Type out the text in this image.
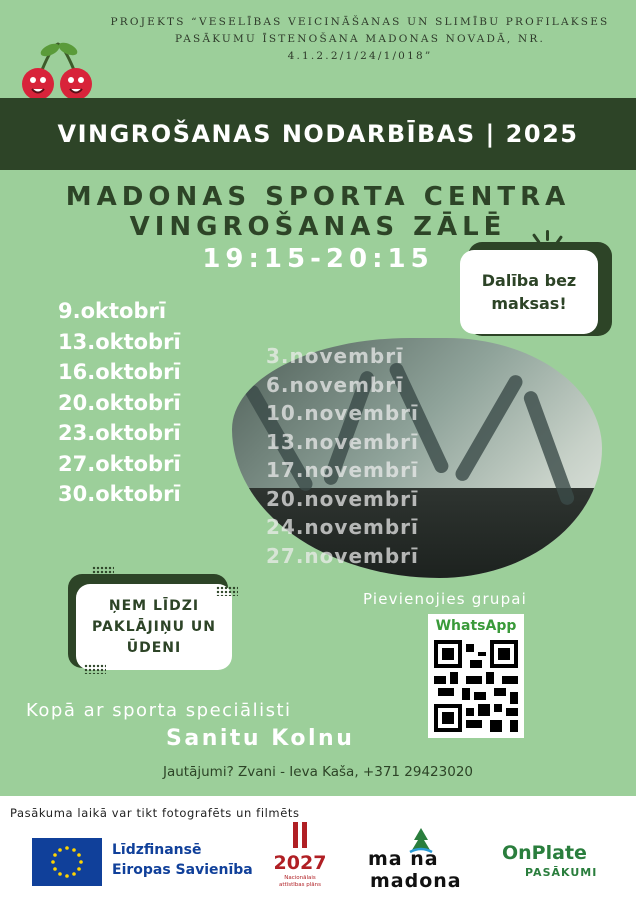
PROJEKTS “VESELĪBAS VEICINĀŠANAS UN SLIMĪBU PROFILAKSES
PASĀKUMU ĪSTENOŠANA MADONAS NOVADĀ, NR.
4.1.2.2/1/24/1/018”
VINGROŠANAS NODARBĪBAS | 2025
MADONAS SPORTA CENTRA
VINGROŠANAS ZĀLĒ
19:15-20:15
Dalība bez
maksas!
9.oktobrī
13.oktobrī
16.oktobrī
20.oktobrī
23.oktobrī
27.oktobrī
30.oktobrī
3.novembrī
6.novembrī
10.novembrī
13.novembrī
17.novembrī
20.novembrī
24.novembrī
27.novembrī
ŅEM LĪDZI
PAKLĀJIŅU UN
ŪDENI
Pievienojies grupai
WhatsApp
Kopā ar sporta speciālisti
Sanitu Kolnu
Jautājumi? Zvani - Ieva Kaša, +371 29423020
Pasākuma laikā var tikt fotografēts un filmēts
Līdzfinansē
Eiropas Savienība 2027
Nacionālais
attīstības plāns
ma na
madona
OnPlate
PASĀKUMI
